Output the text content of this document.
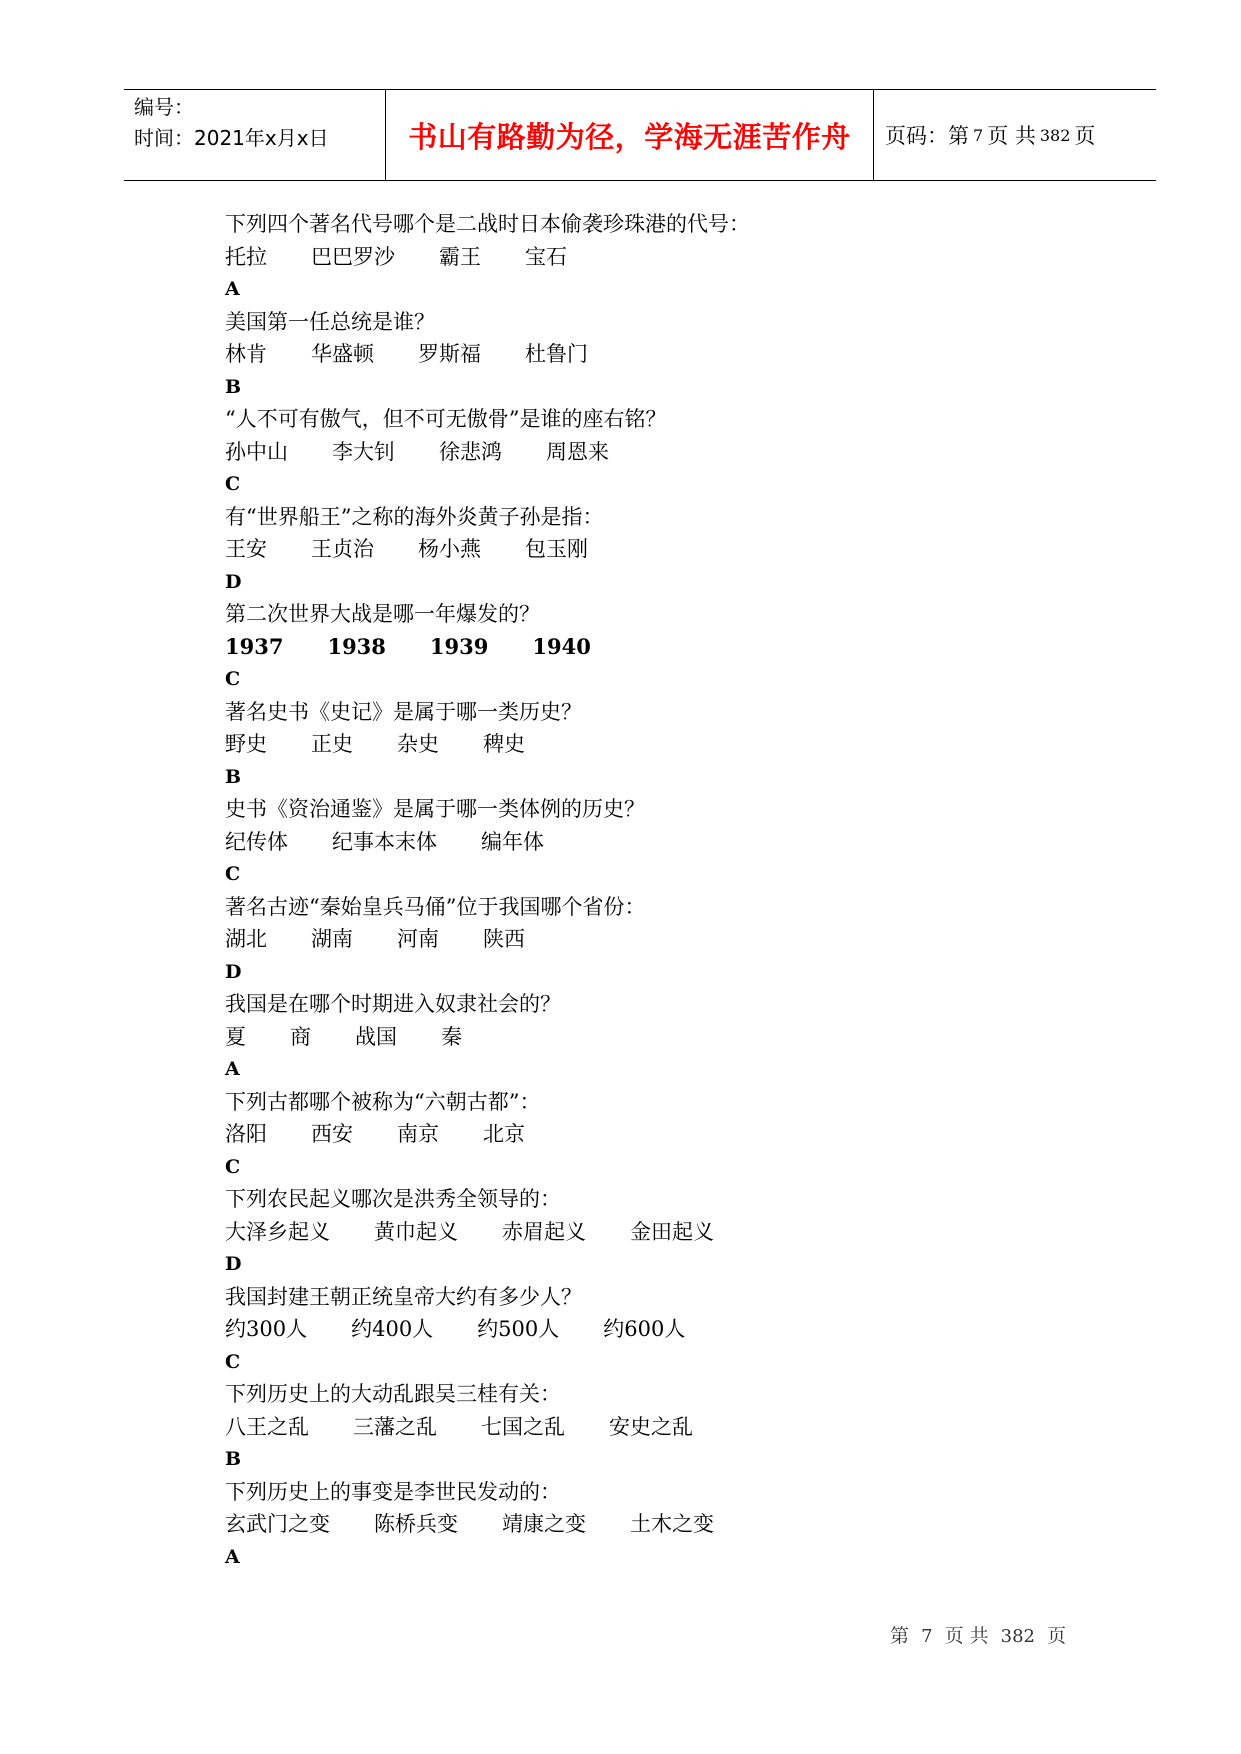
编号：
时间：2021年x月x日	书山有路勤为径，学海无涯苦作舟	页码：第 7 页 共 382 页
下列四个著名代号哪个是二战时日本偷袭珍珠港的代号：
托拉 巴巴罗沙 霸王 宝石
A
美国第一任总统是谁？
林肯 华盛顿 罗斯福 杜鲁门
B
“人不可有傲气，但不可无傲骨”是谁的座右铭？
孙中山 李大钊 徐悲鸿 周恩来
C
有“世界船王”之称的海外炎黄子孙是指：
王安 王贞治 杨小燕 包玉刚
D
第二次世界大战是哪一年爆发的？
1937 1938 1939 1940
C
著名史书《史记》是属于哪一类历史？
野史 正史 杂史 稗史
B
史书《资治通鉴》是属于哪一类体例的历史？
纪传体 纪事本末体 编年体
C
著名古迹“秦始皇兵马俑”位于我国哪个省份：
湖北 湖南 河南 陕西
D
我国是在哪个时期进入奴隶社会的？
夏 商 战国 秦
A
下列古都哪个被称为“六朝古都”：
洛阳 西安 南京 北京
C
下列农民起义哪次是洪秀全领导的：
大泽乡起义 黄巾起义 赤眉起义 金田起义
D
我国封建王朝正统皇帝大约有多少人？
约300人 约400人 约500人 约600人
C
下列历史上的大动乱跟吴三桂有关：
八王之乱 三藩之乱 七国之乱 安史之乱
B
下列历史上的事变是李世民发动的：
玄武门之变 陈桥兵变 靖康之变 土木之变
A
第 7 页 共 382 页
